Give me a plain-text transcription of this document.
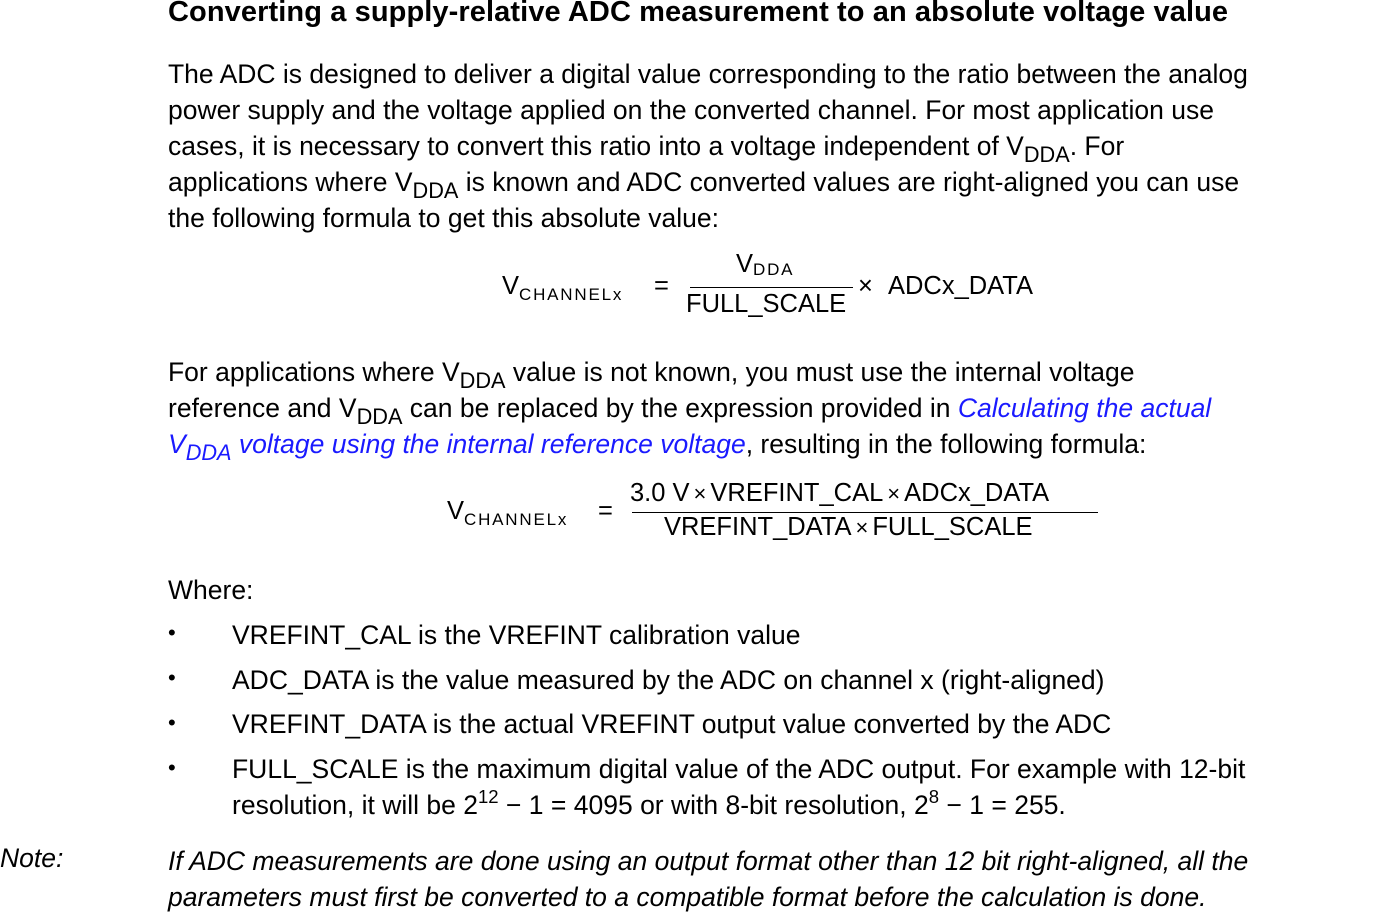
Converting a supply-relative ADC measurement to an absolute voltage value
The ADC is designed to deliver a digital value corresponding to the ratio between the analog
power supply and the voltage applied on the converted channel. For most application use
cases, it is necessary to convert this ratio into a voltage independent of $V_{DDA}$. For
applications where $V_{DDA}$ is known and ADC converted values are right-aligned you can use
the following formula to get this absolute value:
$V_{CHANNELx}$ =
VDDA
FULL_SCALE
× ADCx_DATA
For applications where $V_{DDA}$ value is not known, you must use the internal voltage
reference and $V_{DDA}$ can be replaced by the expression provided in Calculating the actual
$V_{DDA}$ voltage using the internal reference voltage, resulting in the following formula:
$V_{CHANNELx}$ =
3.0 V × VREFINT_CAL × ADCx_DATA
VREFINT_DATA × FULL_SCALE
Where:
• VREFINT_CAL is the VREFINT calibration value
• ADC_DATA is the value measured by the ADC on channel x (right-aligned)
• VREFINT_DATA is the actual VREFINT output value converted by the ADC
• FULL_SCALE is the maximum digital value of the ADC output. For example with 12-bit
resolution, it will be $2^{12} - 1 = 4095$ or with 8-bit resolution, $2^8 - 1 = 255$.
Note:	If ADC measurements are done using an output format other than 12 bit right-aligned, all the
parameters must first be converted to a compatible format before the calculation is done.
